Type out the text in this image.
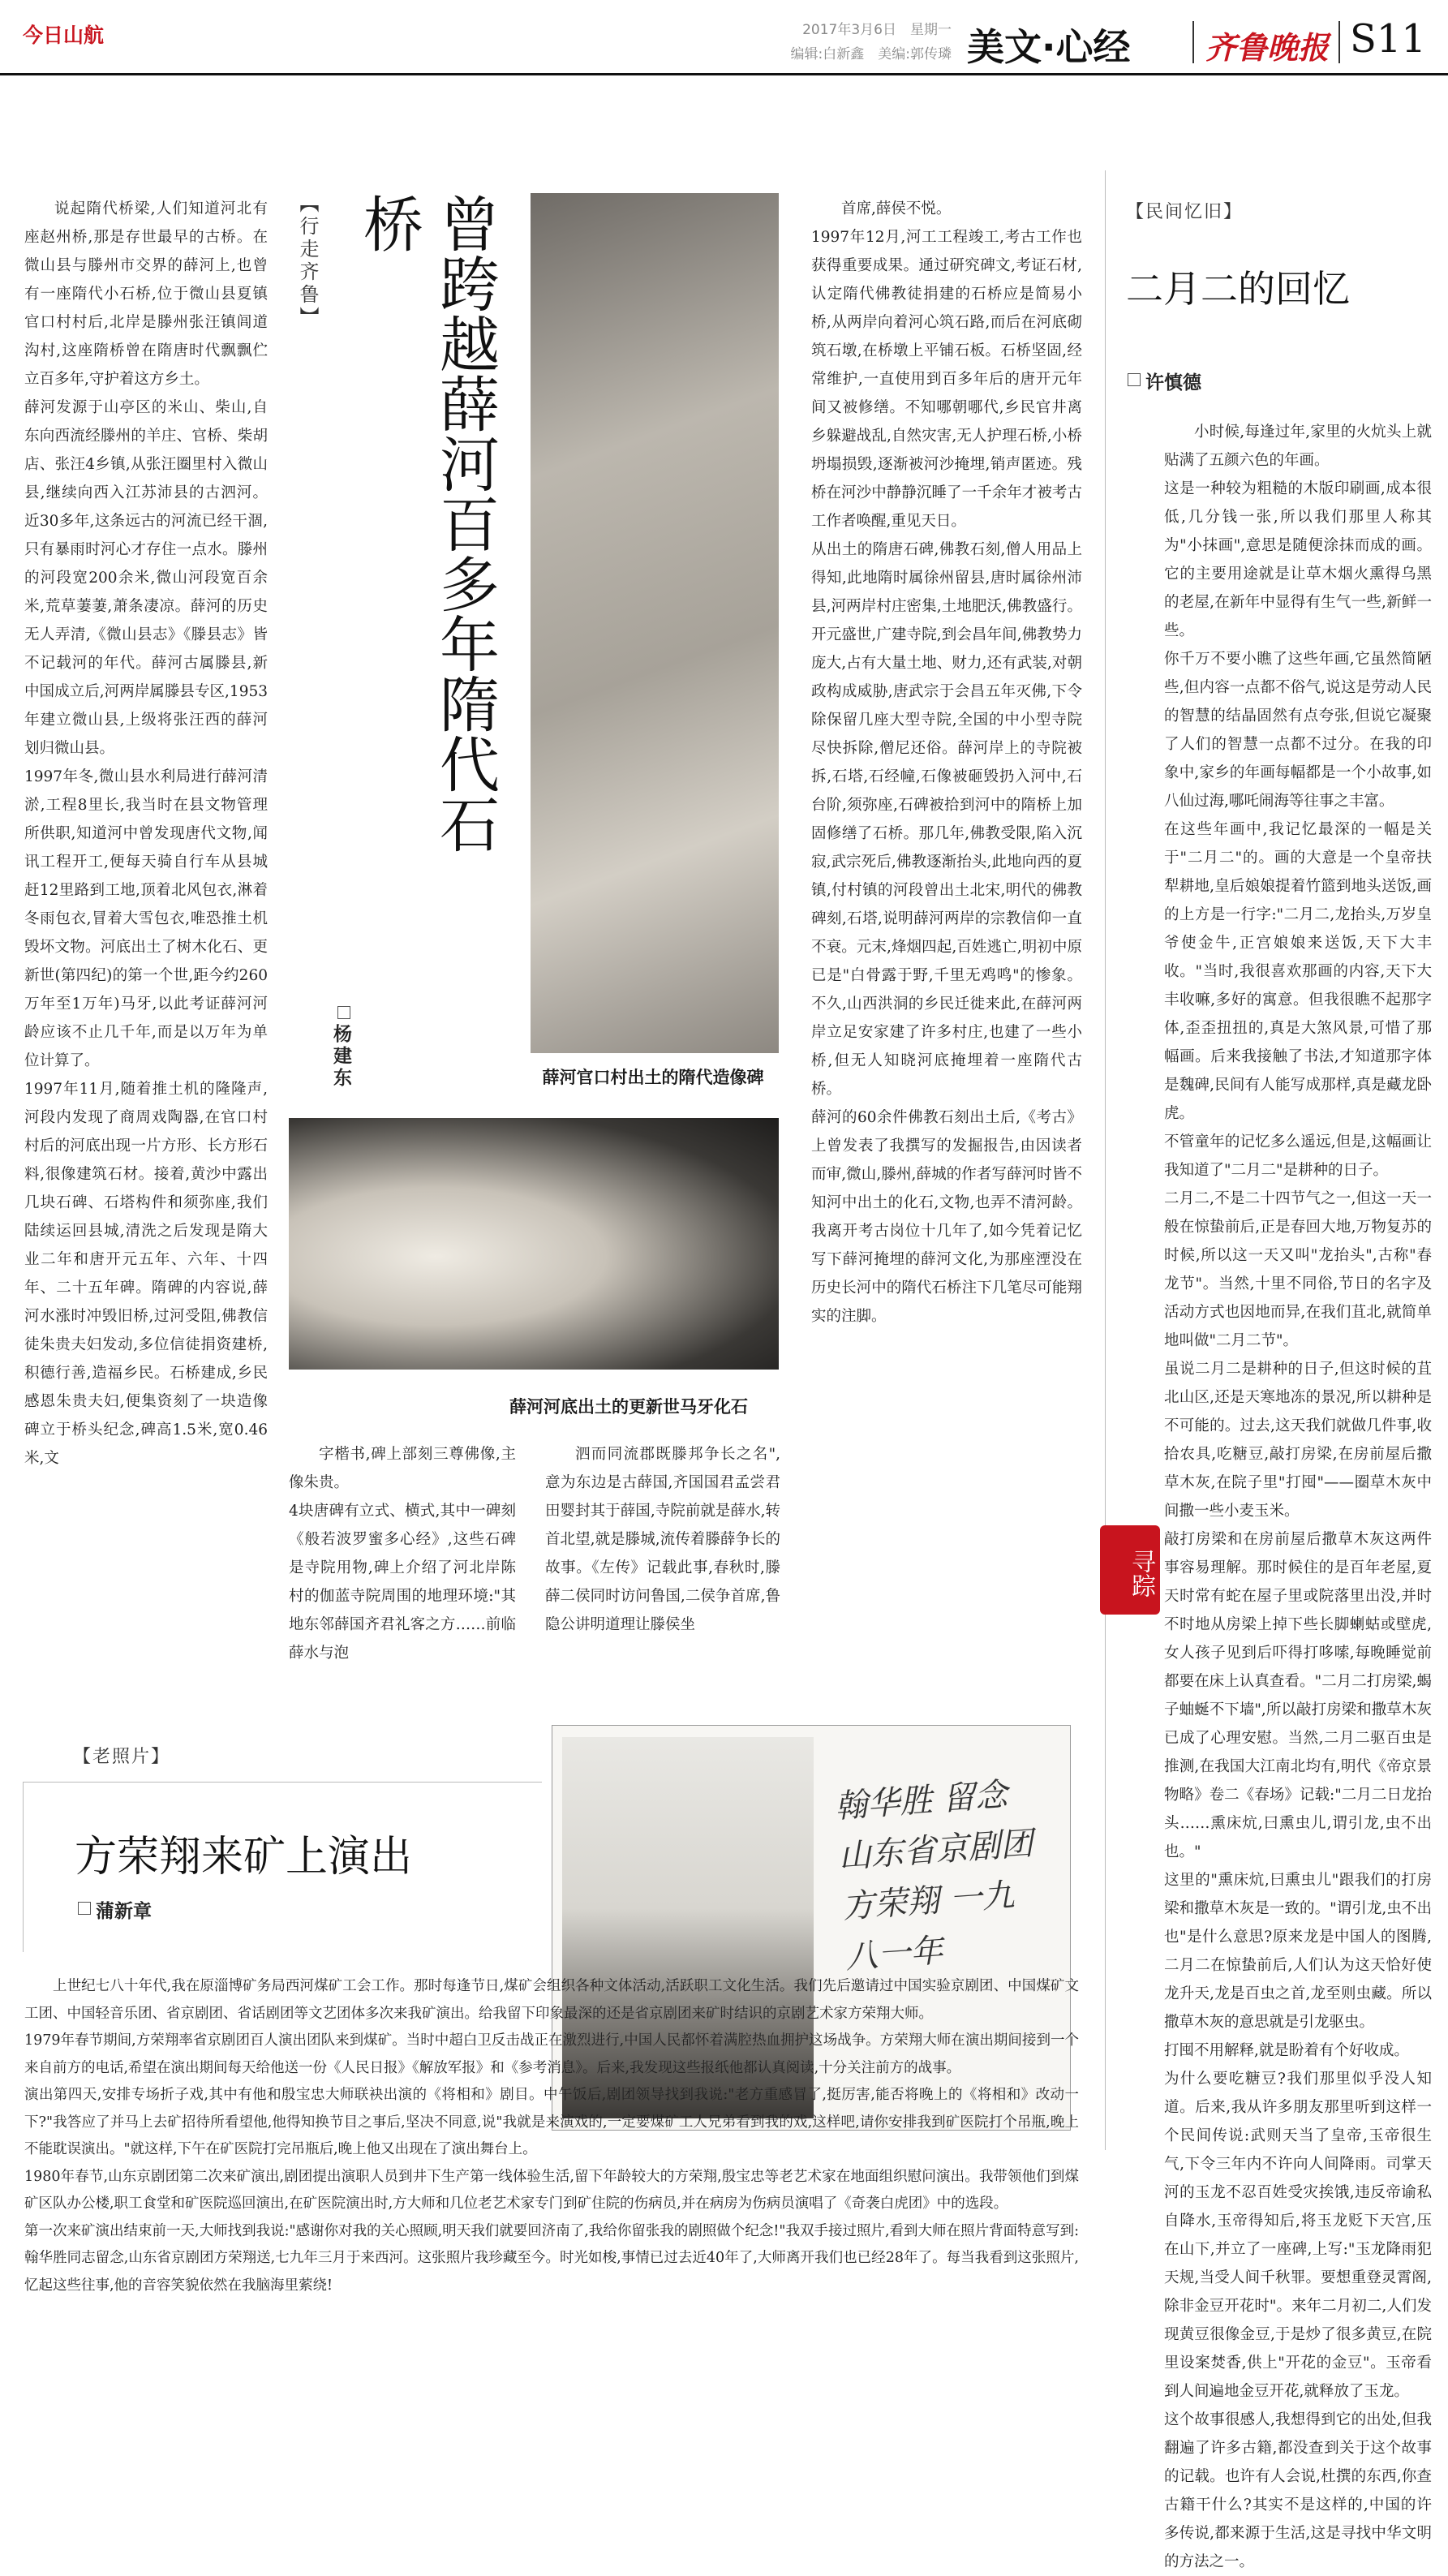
今日山航	2017年3月6日　星期一
编辑:白新鑫　美编:郭传璘 美文·心经 齐鲁晚报 S11
说起隋代桥梁,人们知道河北有座赵州桥,那是存世最早的古桥。在微山县与滕州市交界的薛河上,也曾有一座隋代小石桥,位于微山县夏镇官口村村后,北岸是滕州张汪镇闾道沟村,这座隋桥曾在隋唐时代飘飘伫立百多年,守护着这方乡土。
薛河发源于山亭区的米山、柴山,自东向西流经滕州的羊庄、官桥、柴胡店、张汪4乡镇,从张汪圈里村入微山县,继续向西入江苏沛县的古泗河。近30多年,这条远古的河流已经干涸,只有暴雨时河心才存住一点水。滕州的河段宽200余米,微山河段宽百余米,荒草萋萋,萧条凄凉。薛河的历史无人弄清,《微山县志》《滕县志》皆不记载河的年代。薛河古属滕县,新中国成立后,河两岸属滕县专区,1953年建立微山县,上级将张汪西的薛河划归微山县。
1997年冬,微山县水利局进行薛河清淤,工程8里长,我当时在县文物管理所供职,知道河中曾发现唐代文物,闻讯工程开工,便每天骑自行车从县城赶12里路到工地,顶着北风包衣,淋着冬雨包衣,冒着大雪包衣,唯恐推土机毁坏文物。河底出土了树木化石、更新世(第四纪)的第一个世,距今约260万年至1万年)马牙,以此考证薛河河龄应该不止几千年,而是以万年为单位计算了。
1997年11月,随着推土机的隆隆声,河段内发现了商周戏陶器,在官口村村后的河底出现一片方形、长方形石料,很像建筑石材。接着,黄沙中露出几块石碑、石塔构件和须弥座,我们陆续运回县城,清洗之后发现是隋大业二年和唐开元五年、六年、十四年、二十五年碑。隋碑的内容说,薛河水涨时冲毁旧桥,过河受阻,佛教信徒朱贵夫妇发动,多位信徒捐资建桥,积德行善,造福乡民。石桥建成,乡民感恩朱贵夫妇,便集资刻了一块造像碑立于桥头纪念,碑高1.5米,宽0.46米,文
【行走齐鲁】	曾跨越薛河百多年隋代石桥
杨建东	薛河官口村出土的隋代造像碑
薛河河底出土的更新世马牙化石
字楷书,碑上部刻三尊佛像,主像朱贵。
4块唐碑有立式、横式,其中一碑刻《般若波罗蜜多心经》,这些石碑是寺院用物,碑上介绍了河北岸陈村的伽蓝寺院周围的地理环境:"其地东邻薛国齐君礼客之方……前临薛水与泡
泗而同流郡既滕邦争长之名",意为东边是古薛国,齐国国君孟尝君田婴封其于薛国,寺院前就是薛水,转首北望,就是滕城,流传着滕薛争长的故事。《左传》记载此事,春秋时,滕薛二侯同时访问鲁国,二侯争首席,鲁隐公讲明道理让滕侯坐
首席,薛侯不悦。
1997年12月,河工工程竣工,考古工作也获得重要成果。通过研究碑文,考证石材,认定隋代佛教徒捐建的石桥应是简易小桥,从两岸向着河心筑石路,而后在河底砌筑石墩,在桥墩上平铺石板。石桥坚固,经常维护,一直使用到百多年后的唐开元年间又被修缮。不知哪朝哪代,乡民官井离乡躲避战乱,自然灾害,无人护理石桥,小桥坍塌损毁,逐渐被河沙掩埋,销声匿迹。残桥在河沙中静静沉睡了一千余年才被考古工作者唤醒,重见天日。
从出土的隋唐石碑,佛教石刻,僧人用品上得知,此地隋时属徐州留县,唐时属徐州沛县,河两岸村庄密集,土地肥沃,佛教盛行。开元盛世,广建寺院,到会昌年间,佛教势力庞大,占有大量土地、财力,还有武装,对朝政构成威胁,唐武宗于会昌五年灭佛,下令除保留几座大型寺院,全国的中小型寺院尽快拆除,僧尼还俗。薛河岸上的寺院被拆,石塔,石经幢,石像被砸毁扔入河中,石台阶,须弥座,石碑被拾到河中的隋桥上加固修缮了石桥。那几年,佛教受限,陷入沉寂,武宗死后,佛教逐渐抬头,此地向西的夏镇,付村镇的河段曾出土北宋,明代的佛教碑刻,石塔,说明薛河两岸的宗教信仰一直不衰。元末,烽烟四起,百姓逃亡,明初中原已是"白骨露于野,千里无鸡鸣"的惨象。不久,山西洪洞的乡民迁徙来此,在薛河两岸立足安家建了许多村庄,也建了一些小桥,但无人知晓河底掩埋着一座隋代古桥。
薛河的60余件佛教石刻出土后,《考古》上曾发表了我撰写的发掘报告,由因读者而审,微山,滕州,薛城的作者写薛河时皆不知河中出土的化石,文物,也弄不清河龄。我离开考古岗位十几年了,如今凭着记忆写下薛河掩埋的薛河文化,为那座湮没在历史长河中的隋代石桥注下几笔尽可能翔实的注脚。
【民间忆旧】
二月二的回忆
许慎德
小时候,每逢过年,家里的火炕头上就贴满了五颜六色的年画。
这是一种较为粗糙的木版印刷画,成本很低,几分钱一张,所以我们那里人称其为"小抹画",意思是随便涂抹而成的画。它的主要用途就是让草木烟火熏得乌黑的老屋,在新年中显得有生气一些,新鲜一些。
你千万不要小瞧了这些年画,它虽然简陋些,但内容一点都不俗气,说这是劳动人民的智慧的结晶固然有点夸张,但说它凝聚了人们的智慧一点都不过分。在我的印象中,家乡的年画每幅都是一个小故事,如八仙过海,哪吒闹海等往事之丰富。
在这些年画中,我记忆最深的一幅是关于"二月二"的。画的大意是一个皇帝扶犁耕地,皇后娘娘提着竹篮到地头送饭,画的上方是一行字:"二月二,龙抬头,万岁皇爷使金牛,正宫娘娘来送饭,天下大丰收。"当时,我很喜欢那画的内容,天下大丰收嘛,多好的寓意。但我很瞧不起那字体,歪歪扭扭的,真是大煞风景,可惜了那幅画。后来我接触了书法,才知道那字体是魏碑,民间有人能写成那样,真是藏龙卧虎。
不管童年的记忆多么遥远,但是,这幅画让我知道了"二月二"是耕种的日子。
二月二,不是二十四节气之一,但这一天一般在惊蛰前后,正是春回大地,万物复苏的时候,所以这一天又叫"龙抬头",古称"春龙节"。当然,十里不同俗,节日的名字及活动方式也因地而异,在我们苴北,就简单地叫做"二月二节"。
虽说二月二是耕种的日子,但这时候的苴北山区,还是天寒地冻的景况,所以耕种是不可能的。过去,这天我们就做几件事,收拾农具,吃糖豆,敲打房梁,在房前屋后撒草木灰,在院子里"打囤"——圈草木灰中间撒一些小麦玉米。
敲打房梁和在房前屋后撒草木灰这两件事容易理解。那时候住的是百年老屋,夏天时常有蛇在屋子里或院落里出没,并时不时地从房梁上掉下些长脚蝲蛄或壁虎,女人孩子见到后吓得打哆嗦,每晚睡觉前都要在床上认真查看。"二月二打房梁,蝎子蚰蜒不下墙",所以敲打房梁和撒草木灰已成了心理安慰。当然,二月二驱百虫是推测,在我国大江南北均有,明代《帝京景物略》卷二《春场》记载:"二月二日龙抬头……熏床炕,曰熏虫儿,谓引龙,虫不出也。"
这里的"熏床炕,曰熏虫儿"跟我们的打房梁和撒草木灰是一致的。"谓引龙,虫不出也"是什么意思?原来龙是中国人的图腾,二月二在惊蛰前后,人们认为这天恰好使龙升天,龙是百虫之首,龙至则虫藏。所以撒草木灰的意思就是引龙驱虫。
打囤不用解释,就是盼着有个好收成。
为什么要吃糖豆?我们那里似乎没人知道。后来,我从许多朋友那里听到这样一个民间传说:武则天当了皇帝,玉帝很生气,下令三年内不许向人间降雨。司掌天河的玉龙不忍百姓受灾挨饿,违反帝谕私自降水,玉帝得知后,将玉龙贬下天宫,压在山下,并立了一座碑,上写:"玉龙降雨犯天规,当受人间千秋罪。要想重登灵霄阁,除非金豆开花时"。来年二月初二,人们发现黄豆很像金豆,于是炒了很多黄豆,在院里设案焚香,供上"开花的金豆"。玉帝看到人间遍地金豆开花,就释放了玉龙。
这个故事很感人,我想得到它的出处,但我翻遍了许多古籍,都没查到关于这个故事的记载。也许有人会说,杜撰的东西,你查古籍干什么?其实不是这样的,中国的许多传说,都来源于生活,这是寻找中华文明的方法之一。
寻踪
【老照片】
方荣翔来矿上演出
蒲新章
翰华胜 留念 山东省京剧团 方荣翔 一九八一年
上世纪七八十年代,我在原淄博矿务局西河煤矿工会工作。那时每逢节日,煤矿会组织各种文体活动,活跃职工文化生活。我们先后邀请过中国实验京剧团、中国煤矿文工团、中国轻音乐团、省京剧团、省话剧团等文艺团体多次来我矿演出。给我留下印象最深的还是省京剧团来矿时结识的京剧艺术家方荣翔大师。
1979年春节期间,方荣翔率省京剧团百人演出团队来到煤矿。当时中超白卫反击战正在激烈进行,中国人民都怀着满腔热血拥护这场战争。方荣翔大师在演出期间接到一个来自前方的电话,希望在演出期间每天给他送一份《人民日报》《解放军报》和《参考消息》。后来,我发现这些报纸他都认真阅读,十分关注前方的战事。
演出第四天,安排专场折子戏,其中有他和殷宝忠大师联袂出演的《将相和》剧目。中午饭后,剧团领导找到我说:"老方重感冒了,挺厉害,能否将晚上的《将相和》改动一下?"我答应了并马上去矿招待所看望他,他得知换节目之事后,坚决不同意,说"我就是来演戏的,一定要煤矿工人兄弟看到我的戏,这样吧,请你安排我到矿医院打个吊瓶,晚上不能耽误演出。"就这样,下午在矿医院打完吊瓶后,晚上他又出现在了演出舞台上。
1980年春节,山东京剧团第二次来矿演出,剧团提出演职人员到井下生产第一线体验生活,留下年龄较大的方荣翔,殷宝忠等老艺术家在地面组织慰问演出。我带领他们到煤矿区队办公楼,职工食堂和矿医院巡回演出,在矿医院演出时,方大师和几位老艺术家专门到矿住院的伤病员,并在病房为伤病员演唱了《奇袭白虎团》中的选段。
第一次来矿演出结束前一天,大师找到我说:"感谢你对我的关心照顾,明天我们就要回济南了,我给你留张我的剧照做个纪念!"我双手接过照片,看到大师在照片背面特意写到:翰华胜同志留念,山东省京剧团方荣翔送,七九年三月于来西河。这张照片我珍藏至今。时光如梭,事情已过去近40年了,大师离开我们也已经28年了。每当我看到这张照片,忆起这些往事,他的音容笑貌依然在我脑海里萦绕!
